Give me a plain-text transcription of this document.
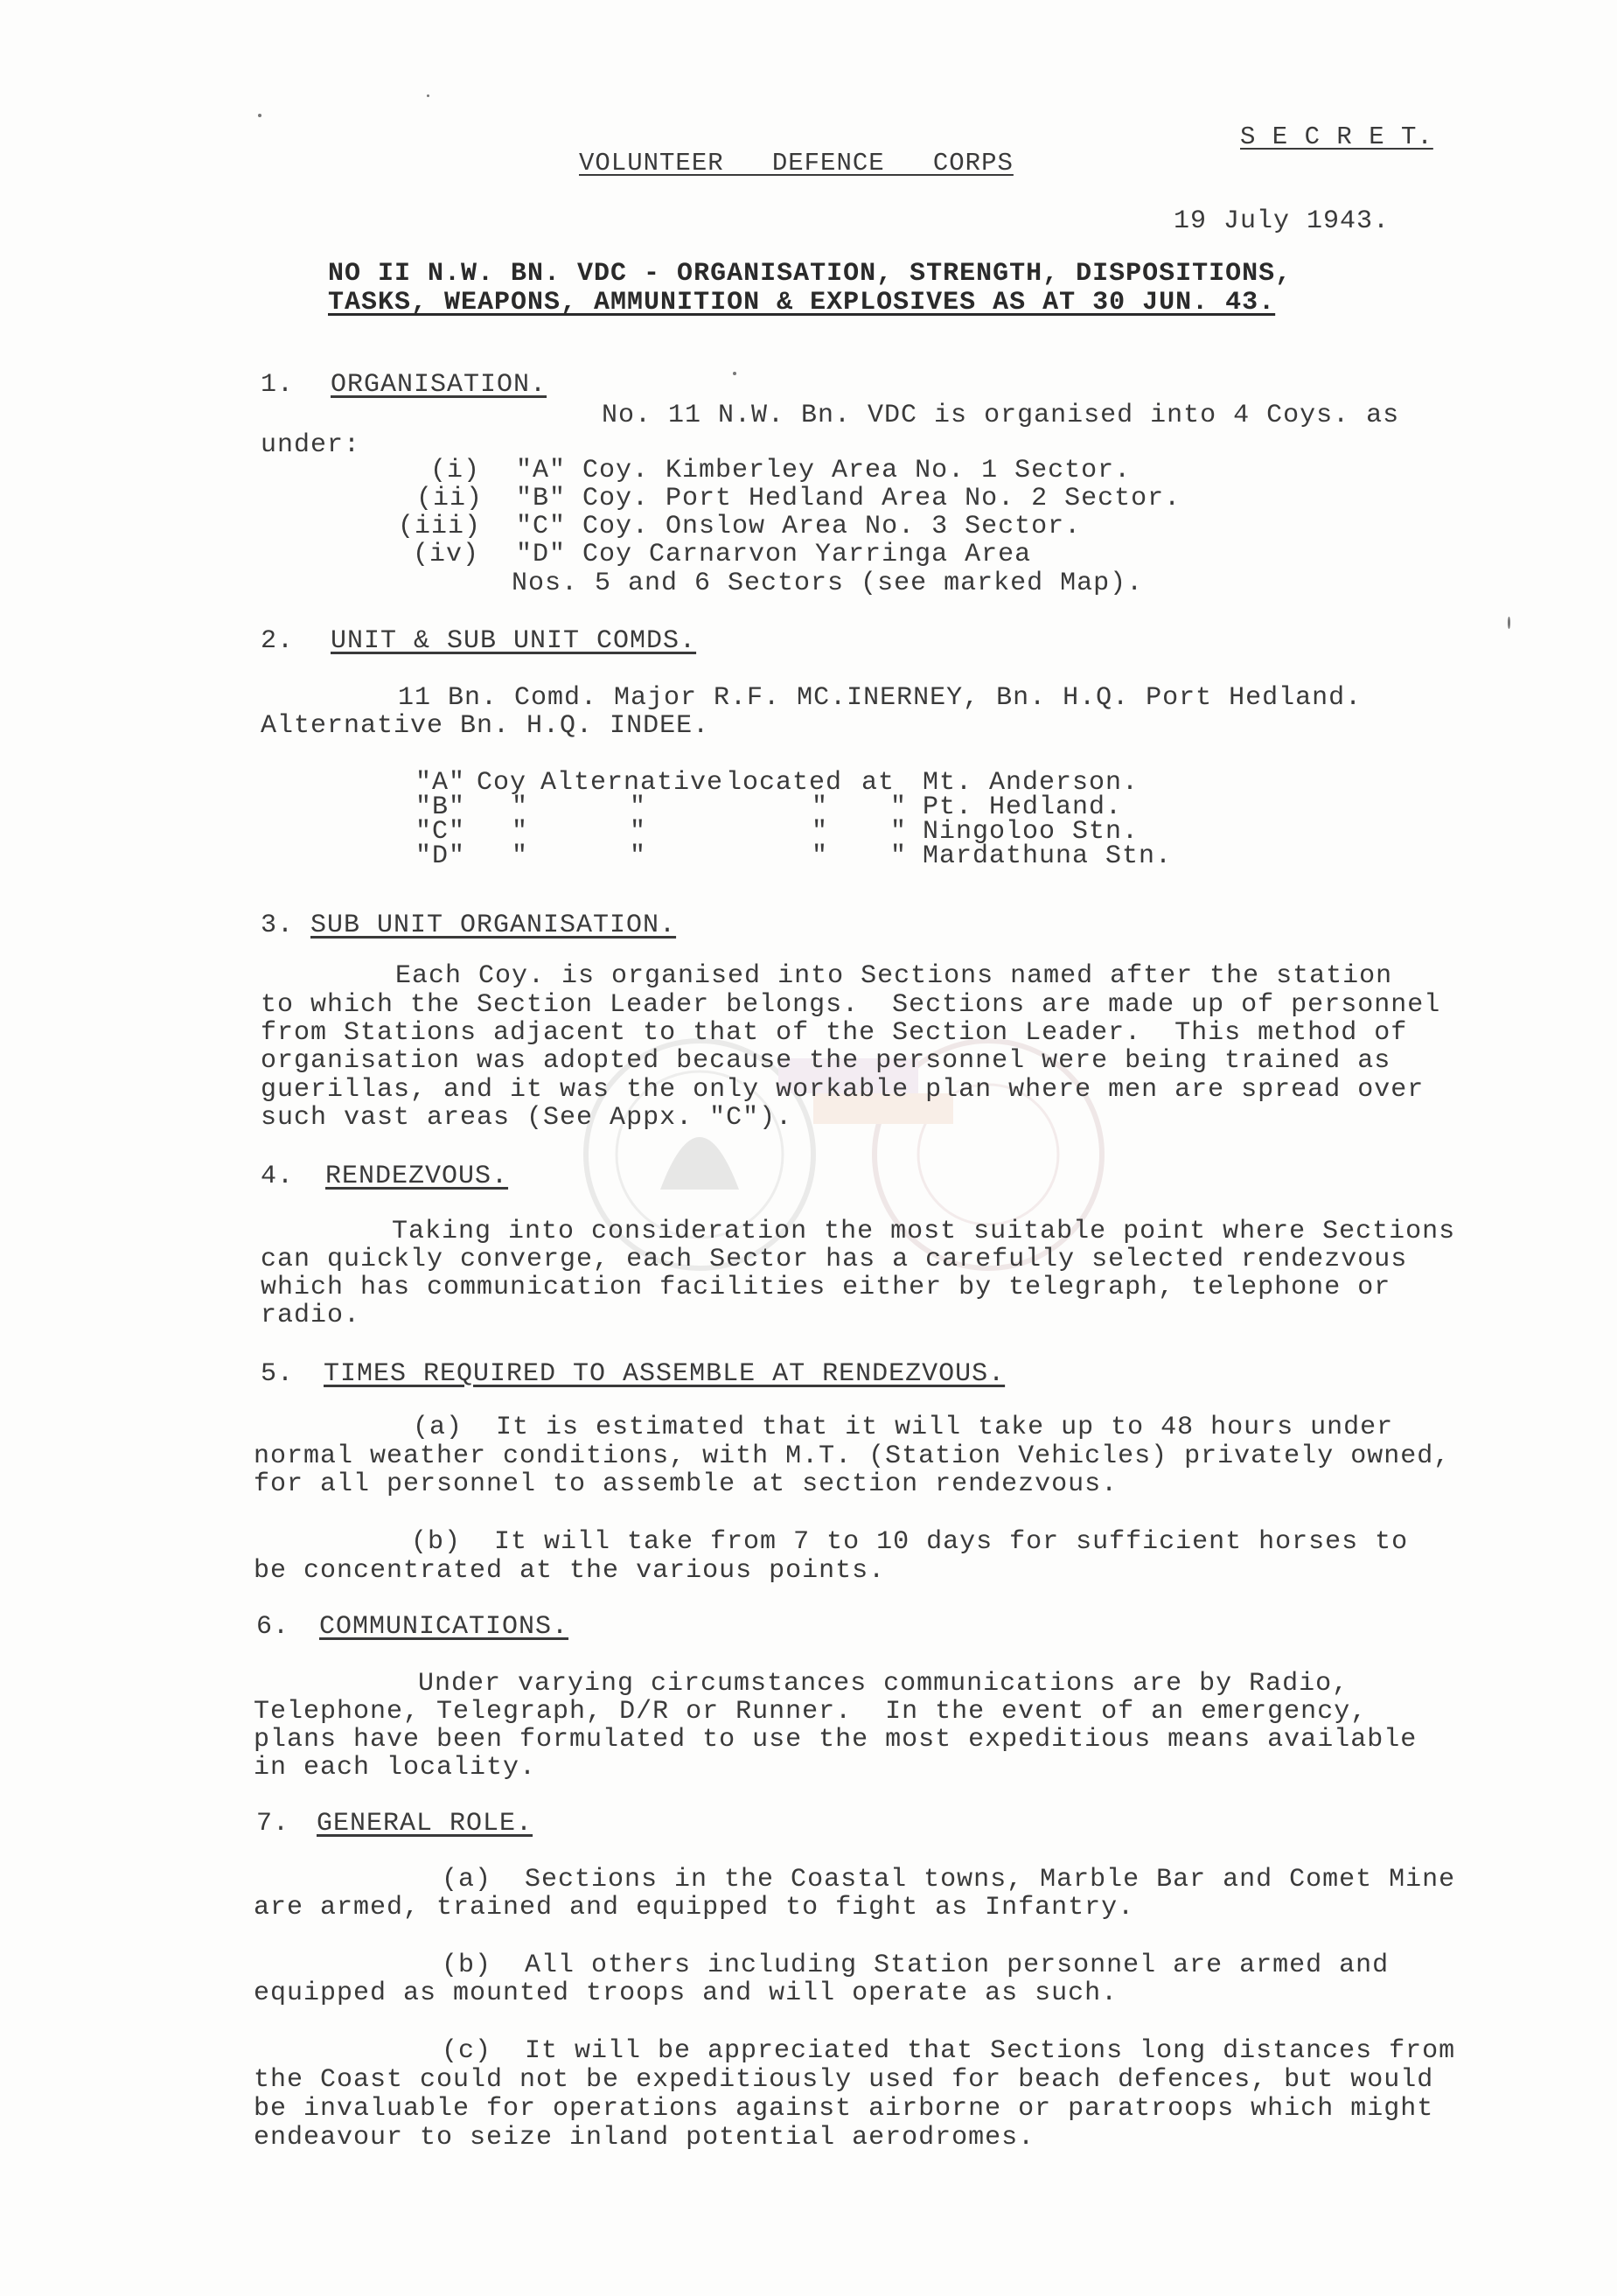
S E C R E T.
VOLUNTEER   DEFENCE   CORPS
19 July 1943.
NO II N.W. BN. VDC - ORGANISATION, STRENGTH, DISPOSITIONS,
TASKS, WEAPONS, AMMUNITION & EXPLOSIVES AS AT 30 JUN. 43.
1. ORGANISATION.
No. 11 N.W. Bn. VDC is organised into 4 Coys. as
under:
(i) "A" Coy. Kimberley Area No. 1 Sector.
(ii) "B" Coy. Port Hedland Area No. 2 Sector.
(iii) "C" Coy. Onslow Area No. 3 Sector.
(iv) "D" Coy Carnarvon Yarringa Area
Nos. 5 and 6 Sectors (see marked Map).
2. UNIT & SUB UNIT COMDS.
11 Bn. Comd. Major R.F. MC.INERNEY, Bn. H.Q. Port Hedland.
Alternative Bn. H.Q. INDEE.
"A" Coy Alternative located at Mt. Anderson.
"B" "	"	" " Pt. Hedland.
"C" "	"	" " Ningoloo Stn.
"D" "	"	" " Mardathuna Stn.
3. SUB UNIT ORGANISATION.
Each Coy. is organised into Sections named after the station
to which the Section Leader belongs.  Sections are made up of personnel
from Stations adjacent to that of the Section Leader.  This method of
organisation was adopted because the personnel were being trained as
guerillas, and it was the only workable plan where men are spread over
such vast areas (See Appx. "C").
4. RENDEZVOUS.
Taking into consideration the most suitable point where Sections
can quickly converge, each Sector has a carefully selected rendezvous
which has communication facilities either by telegraph, telephone or
radio.
5. TIMES REQUIRED TO ASSEMBLE AT RENDEZVOUS.
(a)  It is estimated that it will take up to 48 hours under
normal weather conditions, with M.T. (Station Vehicles) privately owned,
for all personnel to assemble at section rendezvous.
(b)  It will take from 7 to 10 days for sufficient horses to
be concentrated at the various points.
6. COMMUNICATIONS.
Under varying circumstances communications are by Radio,
Telephone, Telegraph, D/R or Runner.  In the event of an emergency,
plans have been formulated to use the most expeditious means available
in each locality.
7. GENERAL ROLE.
(a)  Sections in the Coastal towns, Marble Bar and Comet Mine
are armed, trained and equipped to fight as Infantry.
(b)  All others including Station personnel are armed and
equipped as mounted troops and will operate as such.
(c)  It will be appreciated that Sections long distances from
the Coast could not be expeditiously used for beach defences, but would
be invaluable for operations against airborne or paratroops which might
endeavour to seize inland potential aerodromes.
